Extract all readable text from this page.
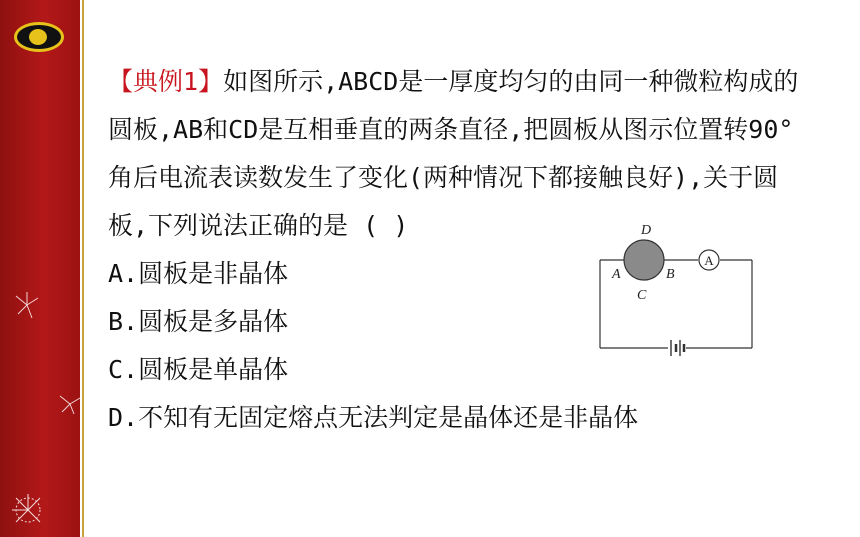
【典例1】如图所示,ABCD是一厚度均匀的由同一种微粒构成的
圆板,AB和CD是互相垂直的两条直径,把圆板从图示位置转90°
角后电流表读数发生了变化(两种情况下都接触良好),关于圆
板,下列说法正确的是 ( )
A.圆板是非晶体
B.圆板是多晶体
C.圆板是单晶体
D.不知有无固定熔点无法判定是晶体还是非晶体
A
D
A	B
C
